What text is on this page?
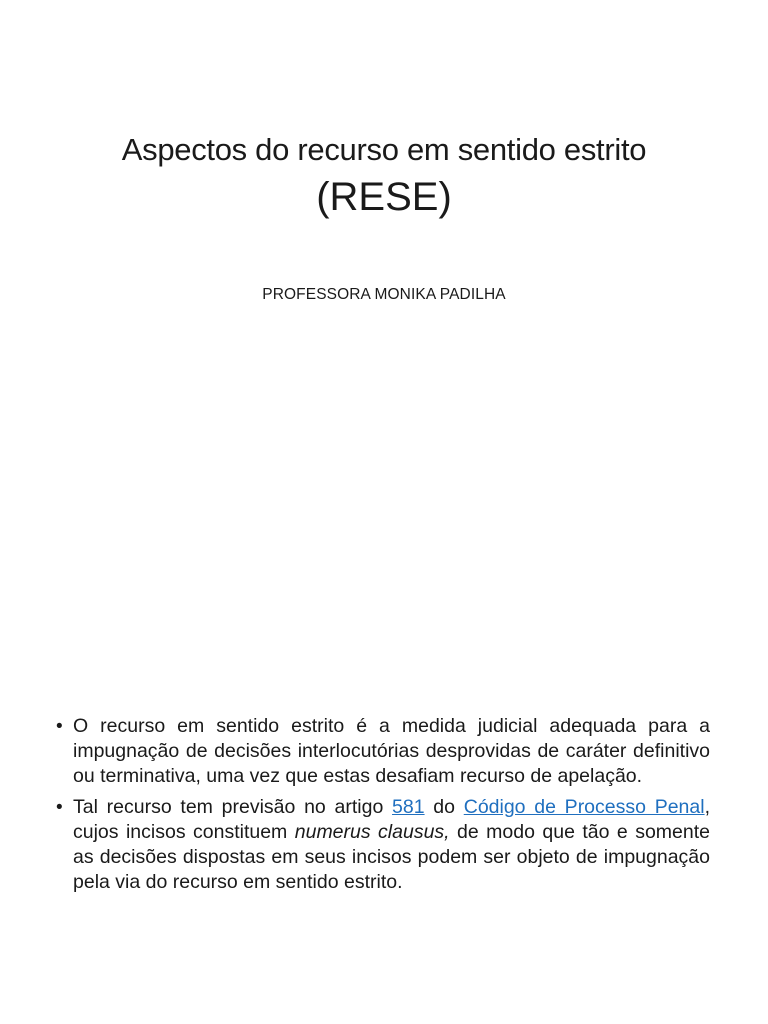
Aspectos do recurso em sentido estrito
(RESE)
PROFESSORA MONIKA PADILHA
• O recurso em sentido estrito é a medida judicial adequada para a impugnação de decisões interlocutórias desprovidas de caráter definitivo ou terminativa, uma vez que estas desafiam recurso de apelação.
• Tal recurso tem previsão no artigo 581 do Código de Processo Penal, cujos incisos constituem numerus clausus, de modo que tão e somente as decisões dispostas em seus incisos podem ser objeto de impugnação pela via do recurso em sentido estrito.
